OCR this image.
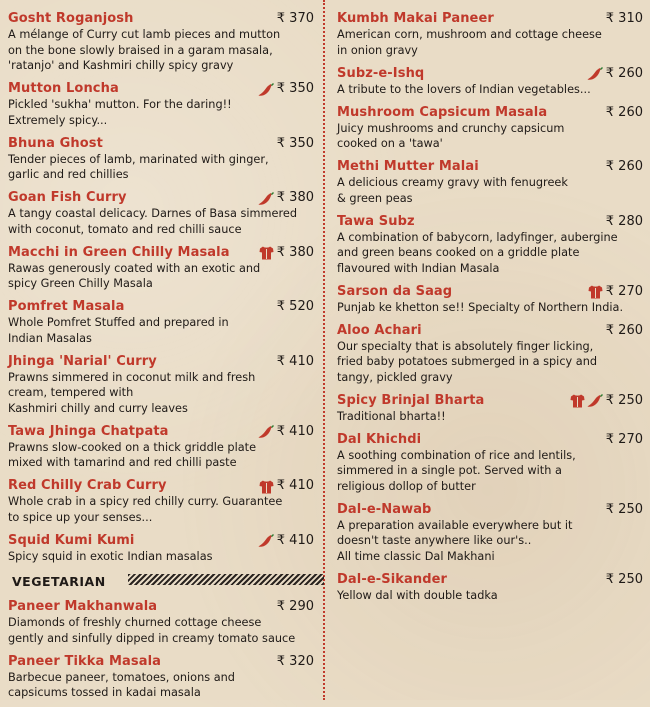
Gosht Roganjosh	₹ 370
A mélange of Curry cut lamb pieces and mutton
on the bone slowly braised in a garam masala,
'ratanjo' and Kashmiri chilly spicy gravy
Mutton Loncha	₹ 350
Pickled 'sukha' mutton. For the daring!!
Extremely spicy...
Bhuna Ghost	₹ 350
Tender pieces of lamb, marinated with ginger,
garlic and red chillies
Goan Fish Curry	₹ 380
A tangy coastal delicacy. Darnes of Basa simmered
with coconut, tomato and red chilli sauce
Macchi in Green Chilly Masala	₹ 380
Rawas generously coated with an exotic and
spicy Green Chilly Masala
Pomfret Masala	₹ 520
Whole Pomfret Stuffed and prepared in
Indian Masalas
Jhinga 'Narial' Curry	₹ 410
Prawns simmered in coconut milk and fresh
cream, tempered with
Kashmiri chilly and curry leaves
Tawa Jhinga Chatpata	₹ 410
Prawns slow-cooked on a thick griddle plate
mixed with tamarind and red chilli paste
Red Chilly Crab Curry	₹ 410
Whole crab in a spicy red chilly curry. Guarantee
to spice up your senses...
Squid Kumi Kumi	₹ 410
Spicy squid in exotic Indian masalas
VEGETARIAN
Paneer Makhanwala	₹ 290
Diamonds of freshly churned cottage cheese
gently and sinfully dipped in creamy tomato sauce
Paneer Tikka Masala	₹ 320
Barbecue paneer, tomatoes, onions and
capsicums tossed in kadai masala
Kumbh Makai Paneer	₹ 310
American corn, mushroom and cottage cheese
in onion gravy
Subz-e-Ishq	₹ 260
A tribute to the lovers of Indian vegetables...
Mushroom Capsicum Masala	₹ 260
Juicy mushrooms and crunchy capsicum
cooked on a 'tawa'
Methi Mutter Malai	₹ 260
A delicious creamy gravy with fenugreek
& green peas
Tawa Subz	₹ 280
A combination of babycorn, ladyfinger, aubergine
and green beans cooked on a griddle plate
flavoured with Indian Masala
Sarson da Saag	₹ 270
Punjab ke khetton se!! Specialty of Northern India.
Aloo Achari	₹ 260
Our specialty that is absolutely finger licking,
fried baby potatoes submerged in a spicy and
tangy, pickled gravy
Spicy Brinjal Bharta	₹ 250
Traditional bharta!!
Dal Khichdi	₹ 270
A soothing combination of rice and lentils,
simmered in a single pot. Served with a
religious dollop of butter
Dal-e-Nawab	₹ 250
A preparation available everywhere but it
doesn't taste anywhere like our's..
All time classic Dal Makhani
Dal-e-Sikander	₹ 250
Yellow dal with double tadka
